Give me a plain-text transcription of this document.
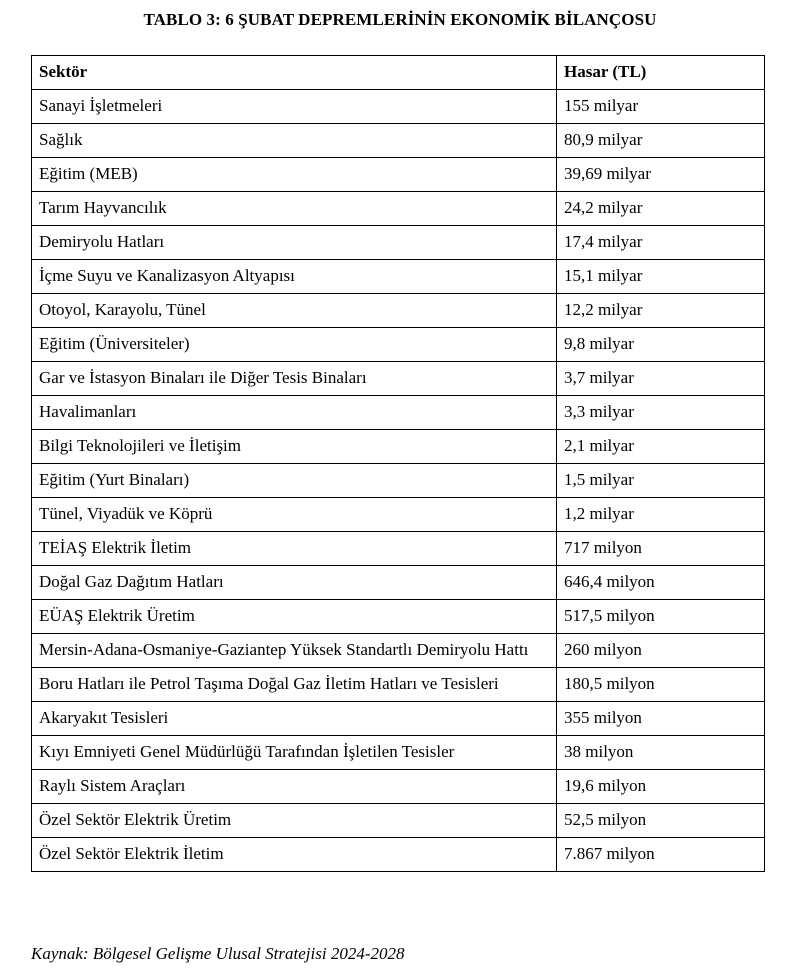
TABLO 3: 6 ŞUBAT DEPREMLERİNİN EKONOMİK BİLANÇOSU
Sektör	Hasar (TL)
Sanayi İşletmeleri	155 milyar
Sağlık	80,9 milyar
Eğitim (MEB)	39,69 milyar
Tarım Hayvancılık	24,2 milyar
Demiryolu Hatları	17,4 milyar
İçme Suyu ve Kanalizasyon Altyapısı	15,1 milyar
Otoyol, Karayolu, Tünel	12,2 milyar
Eğitim (Üniversiteler)	9,8 milyar
Gar ve İstasyon Binaları ile Diğer Tesis Binaları	3,7 milyar
Havalimanları	3,3 milyar
Bilgi Teknolojileri ve İletişim	2,1 milyar
Eğitim (Yurt Binaları)	1,5 milyar
Tünel, Viyadük ve Köprü	1,2 milyar
TEİAŞ Elektrik İletim	717 milyon
Doğal Gaz Dağıtım Hatları	646,4 milyon
EÜAŞ Elektrik Üretim	517,5 milyon
Mersin-Adana-Osmaniye-Gaziantep Yüksek Standartlı Demiryolu Hattı	260 milyon
Boru Hatları ile Petrol Taşıma Doğal Gaz İletim Hatları ve Tesisleri	180,5 milyon
Akaryakıt Tesisleri	355 milyon
Kıyı Emniyeti Genel Müdürlüğü Tarafından İşletilen Tesisler	38 milyon
Raylı Sistem Araçları	19,6 milyon
Özel Sektör Elektrik Üretim	52,5 milyon
Özel Sektör Elektrik İletim	7.867 milyon
Kaynak: Bölgesel Gelişme Ulusal Stratejisi 2024-2028
